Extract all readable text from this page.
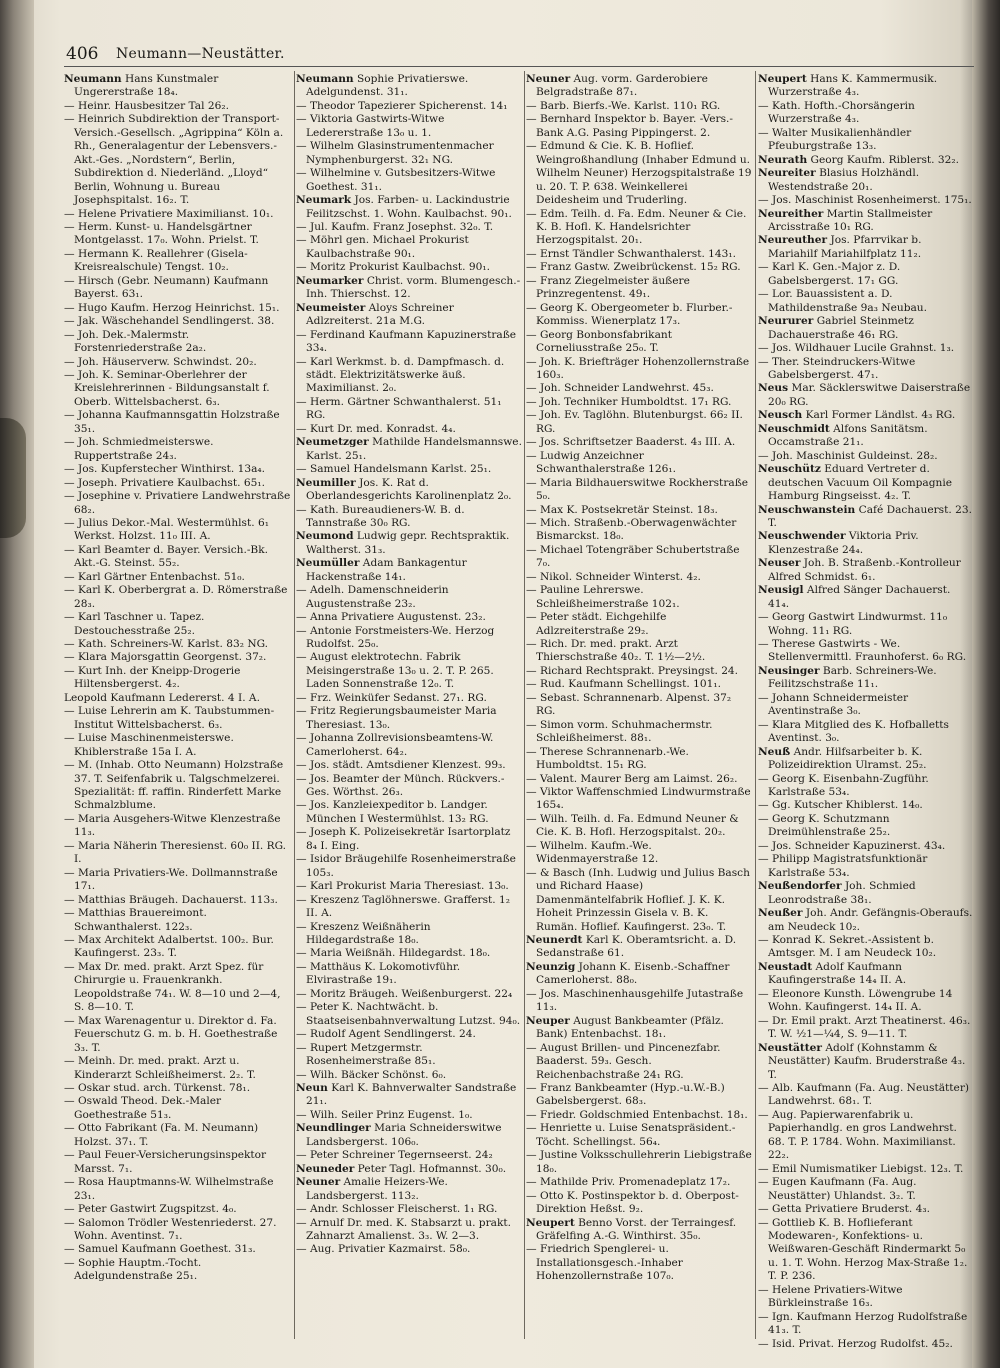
406 Neumann—Neustätter.

Neumann Hans Kunstmaler Ungererstraße 18₄.

— Heinr. Hausbesitzer Tal 26₂.

— Heinrich Subdirektion der Transport-Versich.-Gesellsch. „Agrippina“ Köln a. Rh., Generalagentur der Lebensvers.-Akt.-Ges. „Nordstern“, Berlin, Subdirektion d. Niederländ. „Lloyd“ Berlin, Wohnung u. Bureau Josephspitalst. 16₂. T.

— Helene Privatiere Maximilianst. 10₁.

— Herm. Kunst- u. Handelsgärtner Montgelasst. 17₀. Wohn. Prielst. T.

— Hermann K. Reallehrer (Gisela-Kreisrealschule) Tengst. 10₂.

— Hirsch (Gebr. Neumann) Kaufmann Bayerst. 63₁.

— Hugo Kaufm. Herzog Heinrichst. 15₁.

— Jak. Wäschehandel Sendlingerst. 38.

— Joh. Dek.-Malermstr. Forstenriederstraße 2a₂.

— Joh. Häuserverw. Schwindst. 20₂.

— Joh. K. Seminar-Oberlehrer der Kreislehrerinnen - Bildungsanstalt f. Oberb. Wittelsbacherst. 6₃.

— Johanna Kaufmannsgattin Holzstraße 35₁.

— Joh. Schmiedmeisterswe. Ruppertstraße 24₃.

— Jos. Kupferstecher Winthirst. 13a₄.

— Joseph. Privatiere Kaulbachst. 65₁.

— Josephine v. Privatiere Landwehrstraße 68₂.

— Julius Dekor.-Mal. Westermühlst. 6₁ Werkst. Holzst. 11₀ III. A.

— Karl Beamter d. Bayer. Versich.-Bk. Akt.-G. Steinst. 55₂.

— Karl Gärtner Entenbachst. 51₀.

— Karl K. Oberbergrat a. D. Römerstraße 28₃.

— Karl Taschner u. Tapez. Destouchesstraße 25₂.

— Kath. Schreiners-W. Karlst. 83₂ NG.

— Klara Majorsgattin Georgenst. 37₂.

— Kurt Inh. der Kneipp-Drogerie Hiltensbergerst. 4₂.

Leopold Kaufmann Ledererst. 4 I. A.

— Luise Lehrerin am K. Taubstummen-Institut Wittelsbacherst. 6₃.

— Luise Maschinenmeisterswe. Khiblerstraße 15a I. A.

— M. (Inhab. Otto Neumann) Holzstraße 37. T. Seifenfabrik u. Talgschmelzerei. Spezialität: ff. raffin. Rinderfett Marke Schmalzblume.

— Maria Ausgehers-Witwe Klenzestraße 11₃.

— Maria Näherin Theresienst. 60₀ II. RG. I.

— Maria Privatiers-We. Dollmannstraße 17₁.

— Matthias Bräugeh. Dachauerst. 113₃.

— Matthias Brauereimont. Schwanthalerst. 122₃.

— Max Architekt Adalbertst. 100₂. Bur. Kaufingerst. 23₃. T.

— Max Dr. med. prakt. Arzt Spez. für Chirurgie u. Frauenkrankh. Leopoldstraße 74₁. W. 8—10 und 2—4, S. 8—10. T.

— Max Warenagentur u. Direktor d. Fa. Feuerschutz G. m. b. H. Goethestraße 3₃. T.

— Meinh. Dr. med. prakt. Arzt u. Kinderarzt Schleißheimerst. 2₂. T.

— Oskar stud. arch. Türkenst. 78₁.

— Oswald Theod. Dek.-Maler Goethestraße 51₃.

— Otto Fabrikant (Fa. M. Neumann) Holzst. 37₁. T.

— Paul Feuer-Versicherungsinspektor Marsst. 7₁.

— Rosa Hauptmanns-W. Wilhelmstraße 23₁.

— Peter Gastwirt Zugspitzst. 4₀.

— Salomon Trödler Westenriederst. 27. Wohn. Aventinst. 7₁.

— Samuel Kaufmann Goethest. 31₃.

— Sophie Hauptm.-Tocht. Adelgundenstraße 25₁.

Neumann Sophie Privatierswe. Adelgundenst. 31₁.

— Theodor Tapezierer Spicherenst. 14₁

— Viktoria Gastwirts-Witwe Ledererstraße 13₀ u. 1.

— Wilhelm Glasinstrumentenmacher Nymphenburgerst. 32₁ NG.

— Wilhelmine v. Gutsbesitzers-Witwe Goethest. 31₁.

Neumark Jos. Farben- u. Lackindustrie Feilitzschst. 1. Wohn. Kaulbachst. 90₁.

— Jul. Kaufm. Franz Josephst. 32₀. T.

— Möhrl gen. Michael Prokurist Kaulbachstraße 90₁.

— Moritz Prokurist Kaulbachst. 90₁.

Neumarker Christ. vorm. Blumengesch.-Inh. Thierschst. 12.

Neumeister Aloys Schreiner Adlzreiterst. 21a M.G.

— Ferdinand Kaufmann Kapuzinerstraße 33₄.

— Karl Werkmst. b. d. Dampfmasch. d. städt. Elektrizitätswerke äuß. Maximilianst. 2₀.

— Herm. Gärtner Schwanthalerst. 51₁ RG.

— Kurt Dr. med. Konradst. 4₄.

Neumetzger Mathilde Handelsmannswe. Karlst. 25₁.

— Samuel Handelsmann Karlst. 25₁.

Neumiller Jos. K. Rat d. Oberlandesgerichts Karolinenplatz 2₀.

— Kath. Bureaudieners-W. B. d. Tannstraße 30₀ RG.

Neumond Ludwig gepr. Rechtspraktik. Waltherst. 31₃.

Neumüller Adam Bankagentur Hackenstraße 14₁.

— Adelh. Damenschneiderin Augustenstraße 23₂.

— Anna Privatiere Augustenst. 23₂.

— Antonie Forstmeisters-We. Herzog Rudolfst. 25₀.

— August elektrotechn. Fabrik Meisingerstraße 13₀ u. 2. T. P. 265. Laden Sonnenstraße 12₀. T.

— Frz. Weinküfer Sedanst. 27₁. RG.

— Fritz Regierungsbaumeister Maria Theresiast. 13₀.

— Johanna Zollrevisionsbeamtens-W. Camerloherst. 64₂.

— Jos. städt. Amtsdiener Klenzest. 99₃.

— Jos. Beamter der Münch. Rückvers.-Ges. Wörthst. 26₃.

— Jos. Kanzleiexpeditor b. Landger. München I Westermühlst. 13₂ RG.

— Joseph K. Polizeisekretär Isartorplatz 8₄ I. Eing.

— Isidor Bräugehilfe Rosenheimerstraße 105₃.

— Karl Prokurist Maria Theresiast. 13₀.

— Kreszenz Taglöhnerswe. Grafferst. 1₂ II. A.

— Kreszenz Weißnäherin Hildegardstraße 18₀.

— Maria Weißnäh. Hildegardst. 18₀.

— Matthäus K. Lokomotivführ. Elvirastraße 19₁.

— Moritz Bräugeh. Weißenburgerst. 22₄

— Peter K. Nachtwächt. b. Staatseisenbahnverwaltung Lutzst. 94₀.

— Rudolf Agent Sendlingerst. 24.

— Rupert Metzgermstr. Rosenheimerstraße 85₁.

— Wilh. Bäcker Schönst. 6₀.

Neun Karl K. Bahnverwalter Sandstraße 21₁.

— Wilh. Seiler Prinz Eugenst. 1₀.

Neundlinger Maria Schneiderswitwe Landsbergerst. 106₀.

— Peter Schreiner Tegernseerst. 24₂

Neuneder Peter Tagl. Hofmannst. 30₀.

Neuner Amalie Heizers-We. Landsbergerst. 113₂.

— Andr. Schlosser Fleischerst. 1₁ RG.

— Arnulf Dr. med. K. Stabsarzt u. prakt. Zahnarzt Amalienst. 3₃. W. 2—3.

— Aug. Privatier Kazmairst. 58₀.

Neuner Aug. vorm. Garderobiere Belgradstraße 87₁.

— Barb. Bierfs.-We. Karlst. 110₁ RG.

— Bernhard Inspektor b. Bayer. -Vers.-Bank A.G. Pasing Pippingerst. 2.

— Edmund & Cie. K. B. Hoflief. Weingroßhandlung (Inhaber Edmund u. Wilhelm Neuner) Herzogspitalstraße 19 u. 20. T. P. 638. Weinkellerei Deidesheim und Truderling.

— Edm. Teilh. d. Fa. Edm. Neuner & Cie. K. B. Hofl. K. Handelsrichter Herzogspitalst. 20₁.

— Ernst Tändler Schwanthalerst. 143₁.

— Franz Gastw. Zweibrückenst. 15₂ RG.

— Franz Ziegelmeister äußere Prinzregentenst. 49₁.

— Georg K. Obergeometer b. Flurber.-Kommiss. Wienerplatz 17₃.

— Georg Bonbonsfabrikant Corneliusstraße 25₀. T.

— Joh. K. Briefträger Hohenzollernstraße 160₃.

— Joh. Schneider Landwehrst. 45₃.

— Joh. Techniker Humboldtst. 17₁ RG.

— Joh. Ev. Taglöhn. Blutenburgst. 66₂ II. RG.

— Jos. Schriftsetzer Baaderst. 4₃ III. A.

— Ludwig Anzeichner Schwanthalerstraße 126₁.

— Maria Bildhauerswitwe Rockherstraße 5₀.

— Max K. Postsekretär Steinst. 18₃.

— Mich. Straßenb.-Oberwagenwächter Bismarckst. 18₀.

— Michael Totengräber Schubertstraße 7₀.

— Nikol. Schneider Winterst. 4₂.

— Pauline Lehrerswe. Schleißheimerstraße 102₁.

— Peter städt. Eichgehilfe Adlzreiterstraße 29₂.

— Rich. Dr. med. prakt. Arzt Thierschstraße 40₂. T. 1½—2½.

— Richard Rechtsprakt. Preysingst. 24.

— Rud. Kaufmann Schellingst. 101₁.

— Sebast. Schrannenarb. Alpenst. 37₂ RG.

— Simon vorm. Schuhmachermstr. Schleißheimerst. 88₁.

— Therese Schrannenarb.-We. Humboldtst. 15₁ RG.

— Valent. Maurer Berg am Laimst. 26₂.

— Viktor Waffenschmied Lindwurmstraße 165₄.

— Wilh. Teilh. d. Fa. Edmund Neuner & Cie. K. B. Hofl. Herzogspitalst. 20₂.

— Wilhelm. Kaufm.-We. Widenmayerstraße 12.

— & Basch (Inh. Ludwig und Julius Basch und Richard Haase) Damenmäntelfabrik Hoflief. J. K. K. Hoheit Prinzessin Gisela v. B. K. Rumän. Hoflief. Kaufingerst. 23₀. T.

Neunerdt Karl K. Oberamtsricht. a. D. Sedanstraße 61.

Neunzig Johann K. Eisenb.-Schaffner Camerloherst. 88₀.

— Jos. Maschinenhausgehilfe Jutastraße 11₃.

Neuper August Bankbeamter (Pfälz. Bank) Entenbachst. 18₁.

— August Brillen- und Pincenezfabr. Baaderst. 59₃. Gesch. Reichenbachstraße 24₁ RG.

— Franz Bankbeamter (Hyp.-u.W.-B.) Gabelsbergerst. 68₃.

— Friedr. Goldschmied Entenbachst. 18₁.

— Henriette u. Luise Senatspräsident.-Töcht. Schellingst. 56₄.

— Justine Volksschullehrerin Liebigstraße 18₀.

— Mathilde Priv. Promenadeplatz 17₂.

— Otto K. Postinspektor b. d. Oberpost-Direktion Heßst. 9₂.

Neupert Benno Vorst. der Terraingesf. Gräfelfing A.-G. Winthirst. 35₀.

— Friedrich Spenglerei- u. Installationsgesch.-Inhaber Hohenzollernstraße 107₀.

Neupert Hans K. Kammermusik. Wurzerstraße 4₃.

— Kath. Hofth.-Chorsängerin Wurzerstraße 4₃.

— Walter Musikalienhändler Pfeuburgstraße 13₃.

Neurath Georg Kaufm. Riblerst. 32₂.

Neureiter Blasius Holzhändl. Westendstraße 20₁.

— Jos. Maschinist Rosenheimerst. 175₁.

Neureither Martin Stallmeister Arcisstraße 10₁ RG.

Neureuther Jos. Pfarrvikar b. Mariahilf Mariahilfplatz 11₂.

— Karl K. Gen.-Major z. D. Gabelsbergerst. 17₁ GG.

— Lor. Bauassistent a. D. Mathildenstraße 9a₃ Neubau.

Neururer Gabriel Steinmetz Dachauerstraße 46₁ RG.

— Jos. Wildhauer Lucile Grahnst. 1₃.

— Ther. Steindruckers-Witwe Gabelsbergerst. 47₁.

Neus Mar. Säcklerswitwe Daiserstraße 20₀ RG.

Neusch Karl Former Ländlst. 4₃ RG.

Neuschmidt Alfons Sanitätsm. Occamstraße 21₁.

— Joh. Maschinist Guldeinst. 28₂.

Neuschütz Eduard Vertreter d. deutschen Vacuum Oil Kompagnie Hamburg Ringseisst. 4₂. T.

Neuschwanstein Café Dachauerst. 23. T.

Neuschwender Viktoria Priv. Klenzestraße 24₄.

Neuser Joh. B. Straßenb.-Kontrolleur Alfred Schmidst. 6₁.

Neusigl Alfred Sänger Dachauerst. 41₄.

— Georg Gastwirt Lindwurmst. 11₀ Wohng. 11₁ RG.

— Therese Gastwirts - We. Stellenvermittl. Fraunhoferst. 6₀ RG.

Neusinger Barb. Schreiners-We. Feilitzschstraße 11₁.

— Johann Schneidermeister Aventinstraße 3₀.

— Klara Mitglied des K. Hofballetts Aventinst. 3₀.

Neuß Andr. Hilfsarbeiter b. K. Polizeidirektion Ulramst. 25₂.

— Georg K. Eisenbahn-Zugführ. Karlstraße 53₄.

— Gg. Kutscher Khiblerst. 14₀.

— Georg K. Schutzmann Dreimühlenstraße 25₂.

— Jos. Schneider Kapuzinerst. 43₄.

— Philipp Magistratsfunktionär Karlstraße 53₄.

Neußendorfer Joh. Schmied Leonrodstraße 38₁.

Neußer Joh. Andr. Gefängnis-Oberaufs. am Neudeck 10₂.

— Konrad K. Sekret.-Assistent b. Amtsger. M. I am Neudeck 10₂.

Neustadt Adolf Kaufmann Kaufingerstraße 14₄ II. A.

— Eleonore Kunsth. Löwengrube 14 Wohn. Kaufingerst. 14₄ II. A.

— Dr. Emil prakt. Arzt Theatinerst. 46₃. T. W. ½1—¼4, S. 9—11. T.

Neustätter Adolf (Kohnstamm & Neustätter) Kaufm. Bruderstraße 4₃. T.

— Alb. Kaufmann (Fa. Aug. Neustätter) Landwehrst. 68₁. T.

— Aug. Papierwarenfabrik u. Papierhandlg. en gros Landwehrst. 68. T. P. 1784. Wohn. Maximilianst. 22₂.

— Emil Numismatiker Liebigst. 12₃. T.

— Eugen Kaufmann (Fa. Aug. Neustätter) Uhlandst. 3₂. T.

— Getta Privatiere Bruderst. 4₃.

— Gottlieb K. B. Hoflieferant Modewaren-, Konfektions- u. Weißwaren-Geschäft Rindermarkt 5₀ u. 1. T. Wohn. Herzog Max-Straße 1₂. T. P. 236.

— Helene Privatiers-Witwe Bürkleinstraße 16₃.

— Ign. Kaufmann Herzog Rudolfstraße 41₃. T.

— Isid. Privat. Herzog Rudolfst. 45₂.
